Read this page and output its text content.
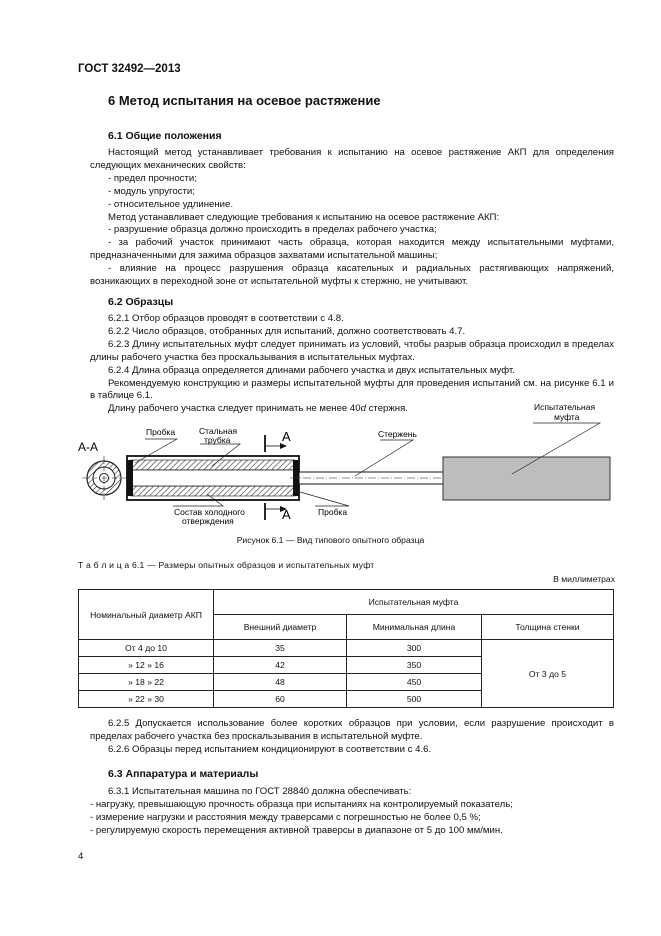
ГОСТ 32492—2013
6 Метод испытания на осевое растяжение
6.1 Общие положения

Настоящий метод устанавливает требования к испытанию на осевое растяжение АКП для определения следующих механических свойств:

- предел прочности;

- модуль упругости;

- относительное удлинение.

Метод устанавливает следующие требования к испытанию на осевое растяжение АКП:

- разрушение образца должно происходить в пределах рабочего участка;

- за рабочий участок принимают часть образца, которая находится между испытательными муфтами, предназначенными для зажима образцов захватами испытательной машины;

- влияние на процесс разрушения образца касательных и радиальных растягивающих напряжений, возникающих в переходной зоне от испытательной муфты к стержню, не учитывают.

6.2 Образцы

6.2.1 Отбор образцов проводят в соответствии с 4.8.

6.2.2 Число образцов, отобранных для испытаний, должно соответствовать 4.7.

6.2.3 Длину испытательных муфт следует принимать из условий, чтобы разрыв образца происходил в пределах длины рабочего участка без проскальзывания в испытательных муфтах.

6.2.4 Длина образца определяется длинами рабочего участка и двух испытательных муфт.

Рекомендуемую конструкцию и размеры испытательной муфты для проведения испытаний см. на рисунке 6.1 и в таблице 6.1.

Длину рабочего участка следует принимать не менее 40d стержня.

А-А
А
А
Пробка	Стальная
трубка
Стержень
Испытательная
муфта
Состав холодного
отверждения
Пробка
Рисунок 6.1 — Вид типового опытного образца
Т а б л и ц а 6.1 — Размеры опытных образцов и испытательных муфт
В миллиметрах
Номинальный диаметр АКП	Испытательная муфта		
	Внешний диаметр	Минимальная длина	Толщина стенки
От 4 до 10	35	300	От 3 до 5
» 12 » 16	42	350	
» 18 » 22	48	450	
» 22 » 30	60	500	

6.2.5 Допускается использование более коротких образцов при условии, если разрушение происходит в пределах рабочего участка без проскальзывания в испытательной муфте.

6.2.6 Образцы перед испытанием кондиционируют в соответствии с 4.6.

6.3 Аппаратура и материалы

6.3.1 Испытательная машина по ГОСТ 28840 должна обеспечивать:

- нагрузку, превышающую прочность образца при испытаниях на контролируемый показатель;

- измерение нагрузки и расстояния между траверсами с погрешностью не более 0,5 %;

- регулируемую скорость перемещения активной траверсы в диапазоне от 5 до 100 мм/мин.

4
